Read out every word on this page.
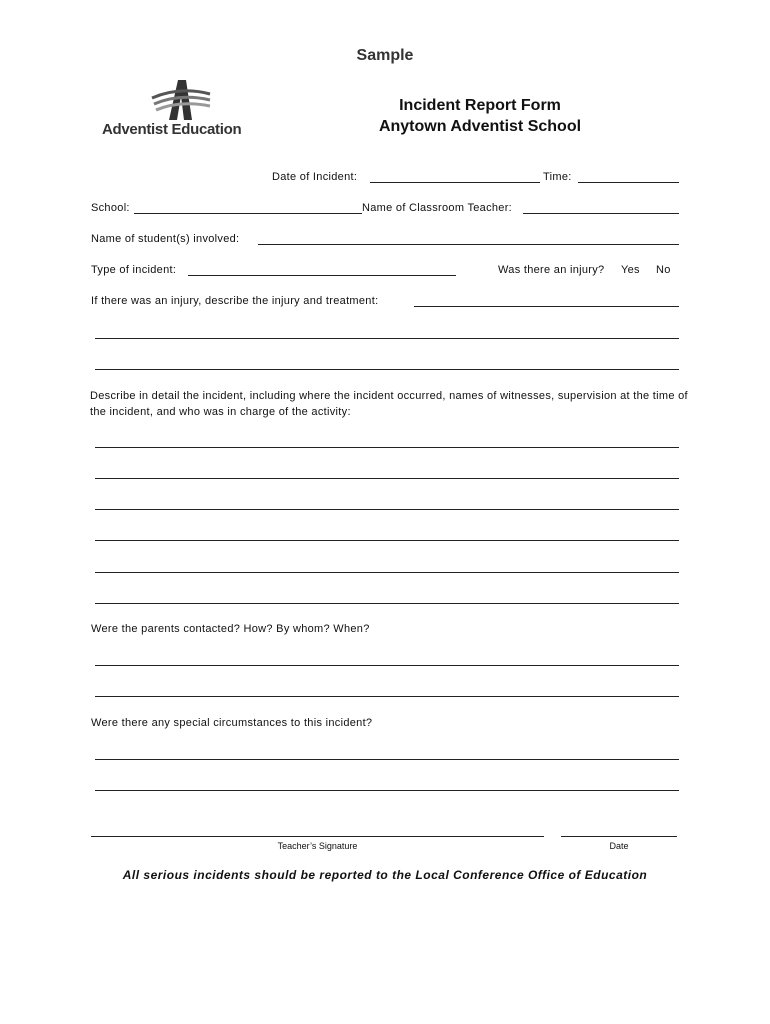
Sample
Adventist Education
Incident Report Form
Anytown Adventist School
Date of Incident:	Time:
School:	Name of Classroom Teacher:
Name of student(s) involved:
Type of incident:	Was there an injury? Yes No
If there was an injury, describe the injury and treatment:
Describe in detail the incident, including where the incident occurred, names of witnesses, supervision at the time of the incident, and who was in charge of the activity:
Were the parents contacted? How? By whom? When?
Were there any special circumstances to this incident?
Teacher’s Signature	Date
All serious incidents should be reported to the Local Conference Office of Education
